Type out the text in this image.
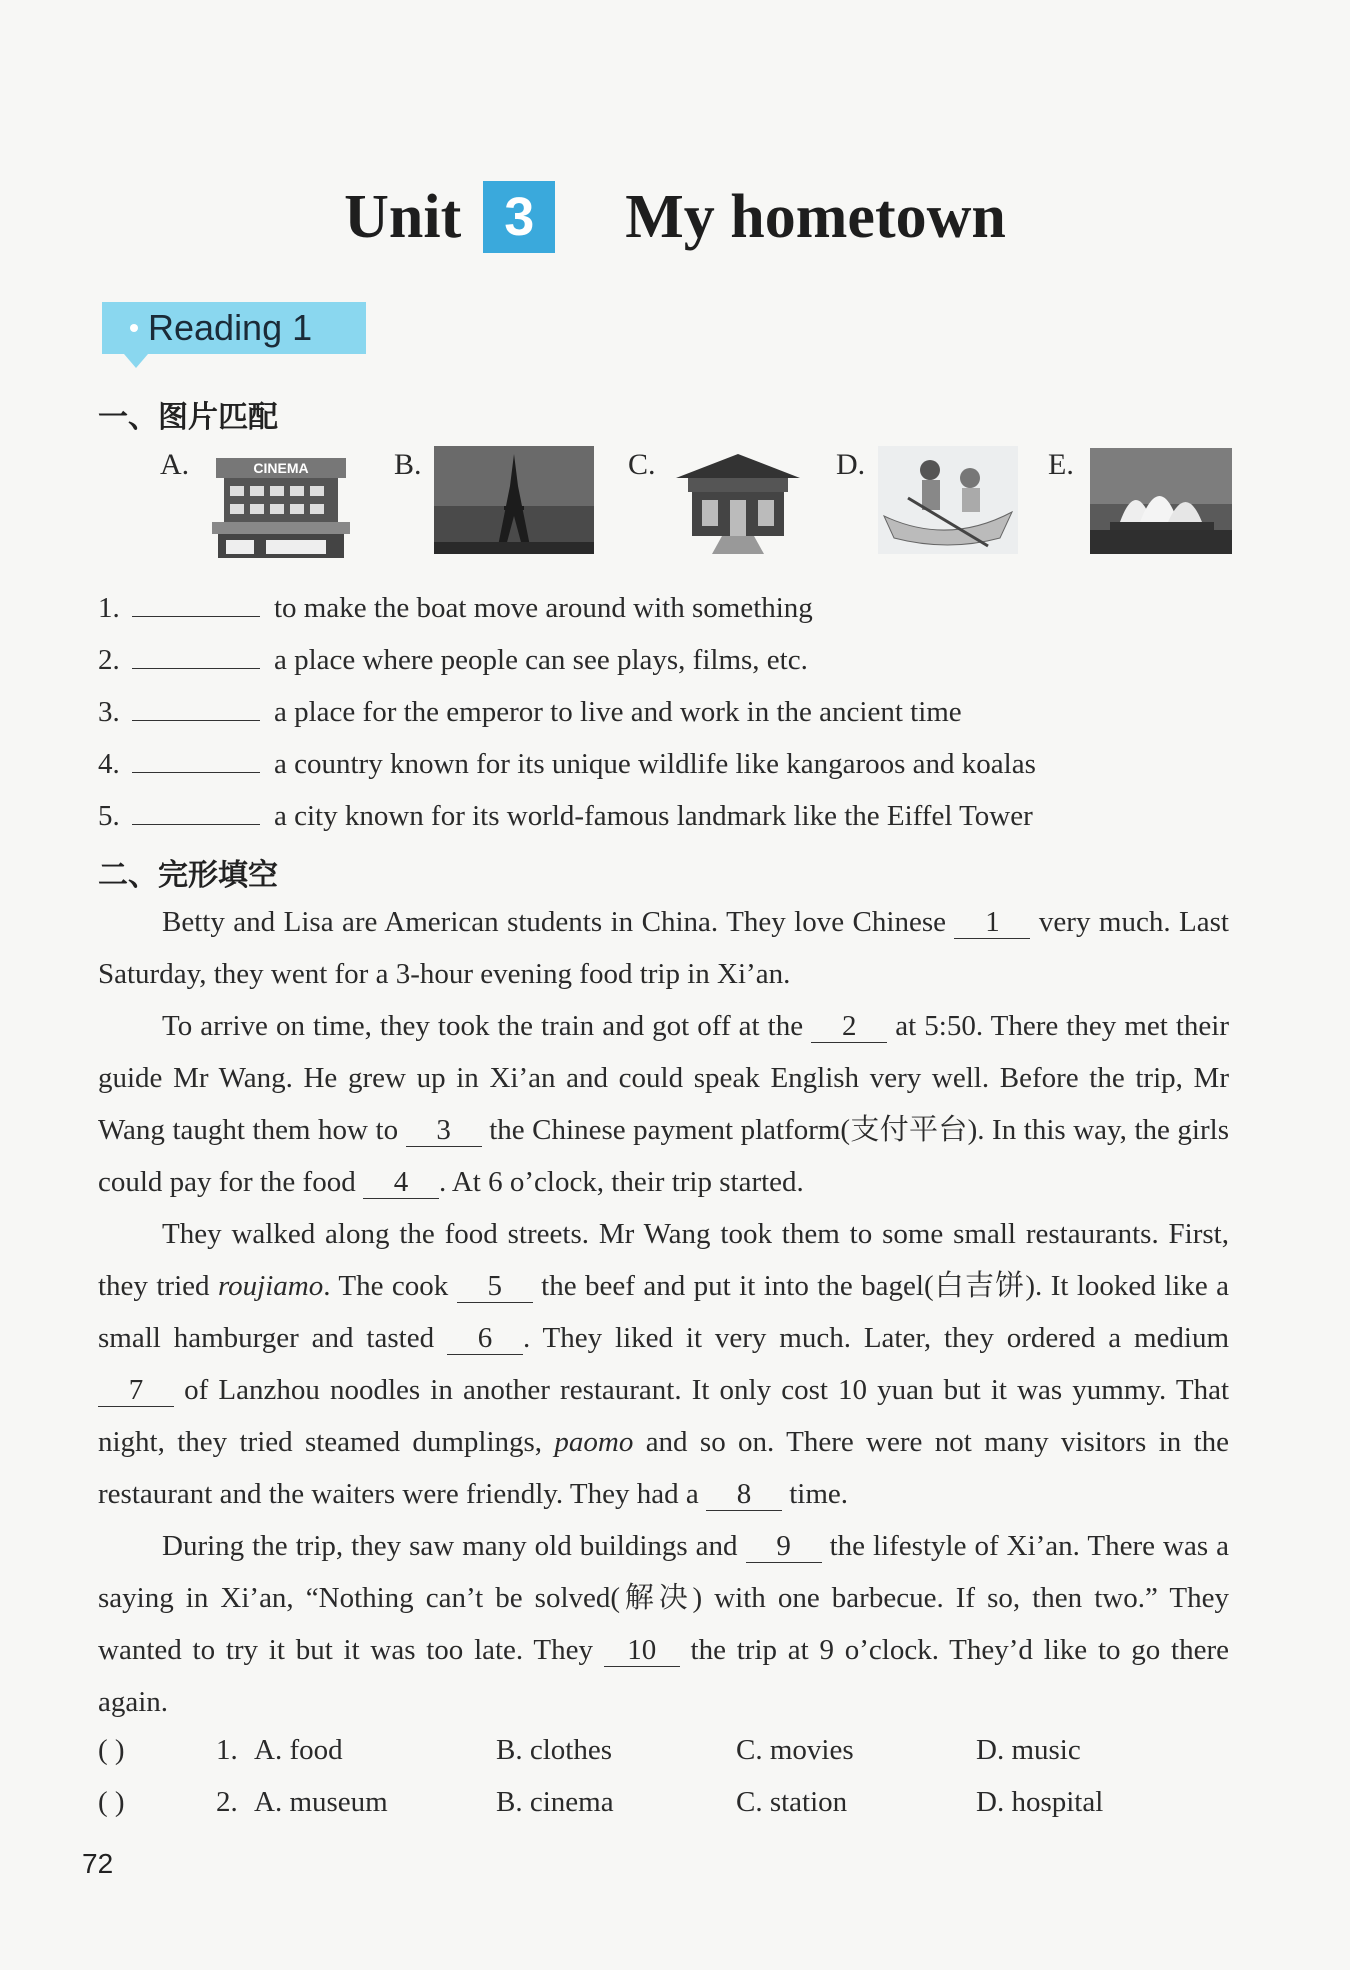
Unit 3 My hometown
Reading 1
一、图片匹配
A.	CINEMA	B.	C.	D.	E.
1.	to make the boat move around with something
2.	a place where people can see plays, films, etc.
3.	a place for the emperor to live and work in the ancient time
4.	a country known for its unique wildlife like kangaroos and koalas
5.	a city known for its world-famous landmark like the Eiffel Tower
二、完形填空

Betty and Lisa are American students in China. They love Chinese 1 very much. Last Saturday, they went for a 3-hour evening food trip in Xi’an.

To arrive on time, they took the train and got off at the 2 at 5:50. There they met their guide Mr Wang. He grew up in Xi’an and could speak English very well. Before the trip, Mr Wang taught them how to 3 the Chinese payment platform(支付平台). In this way, the girls could pay for the food 4 . At 6 o’clock, their trip started.

They walked along the food streets. Mr Wang took them to some small restaurants. First, they tried roujiamo. The cook 5 the beef and put it into the bagel(白吉饼). It looked like a small hamburger and tasted 6 . They liked it very much. Later, they ordered a medium 7 of Lanzhou noodles in another restaurant. It only cost 10 yuan but it was yummy. That night, they tried steamed dumplings, paomo and so on. There were not many visitors in the restaurant and the waiters were friendly. They had a 8 time.

During the trip, they saw many old buildings and 9 the lifestyle of Xi’an. There was a saying in Xi’an, “Nothing can’t be solved(解决) with one barbecue. If so, then two.” They wanted to try it but it was too late. They 10 the trip at 9 o’clock. They’d like to go there again.

( )	1. A. food	B. clothes	C. movies	D. music
( )	2. A. museum	B. cinema	C. station	D. hospital
72
